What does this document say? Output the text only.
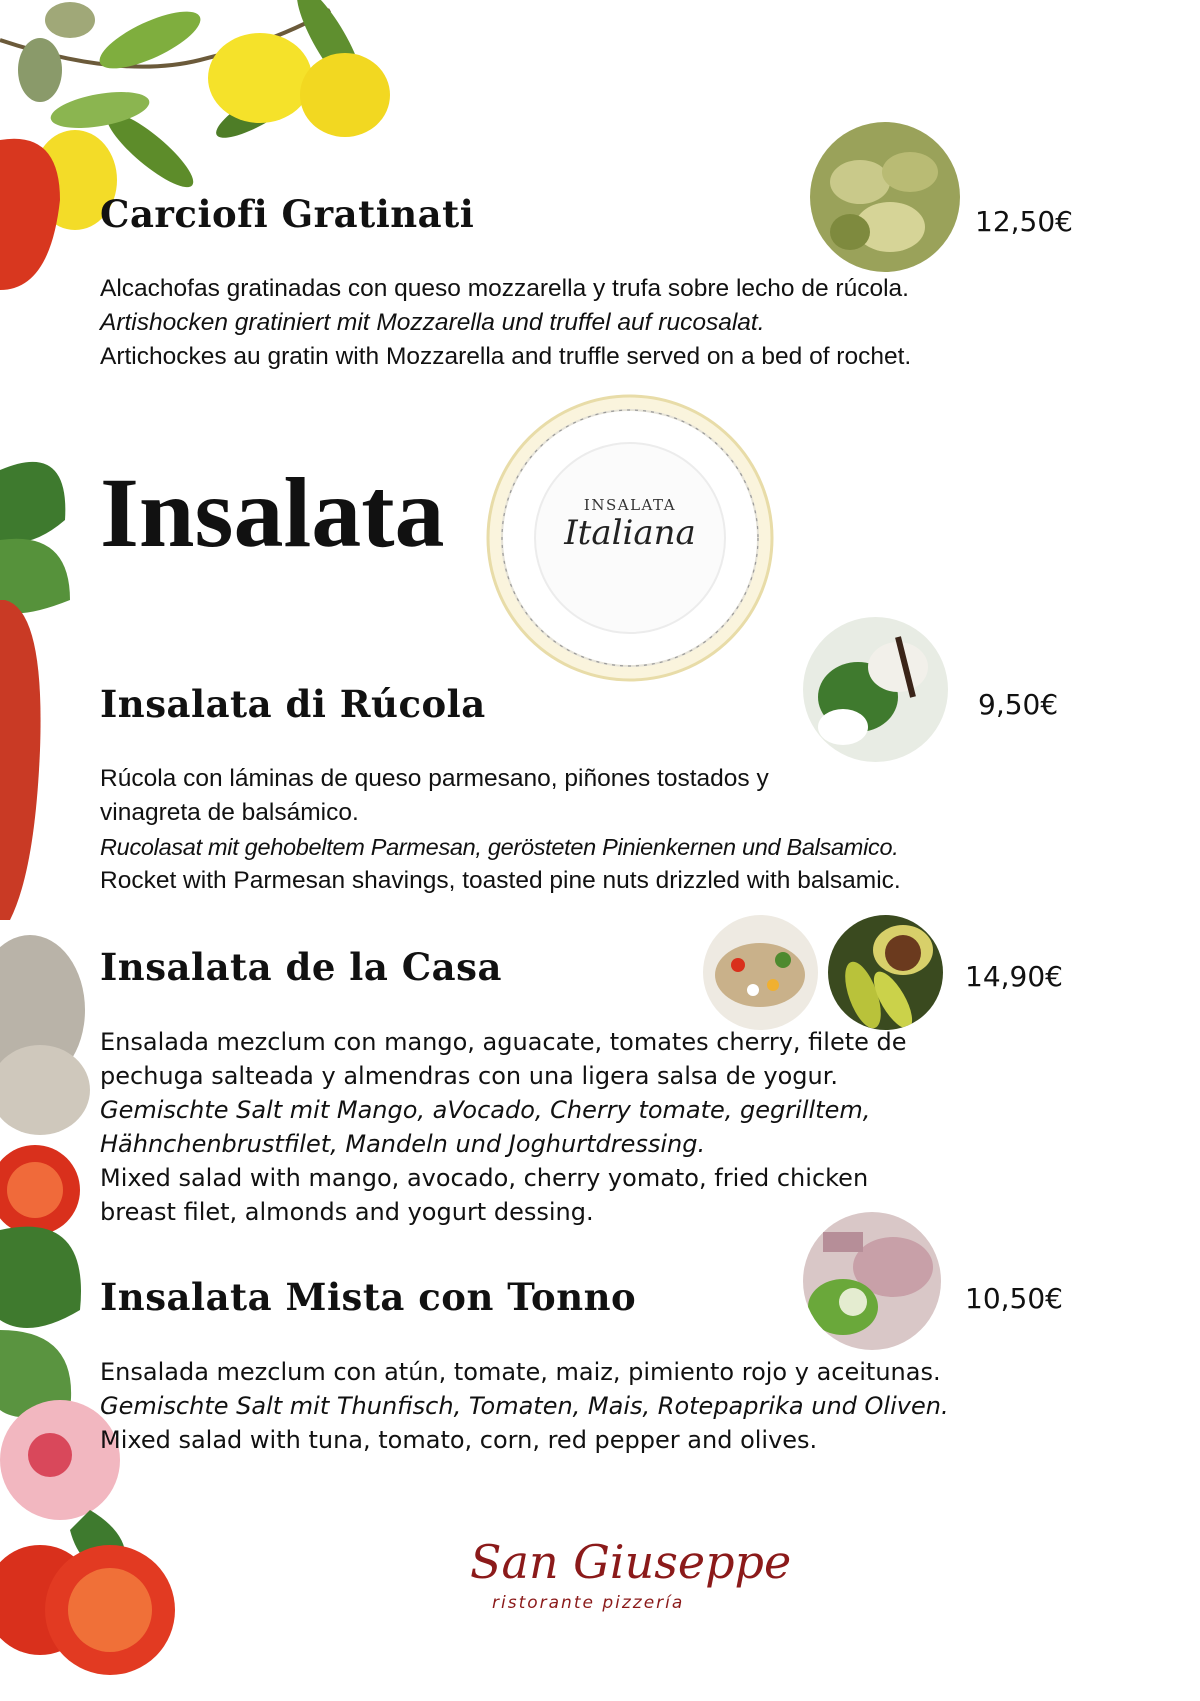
Carciofi Gratinati	12,50€

Alcachofas gratinadas con queso mozzarella y trufa sobre lecho de rúcola.

Artishocken gratiniert mit Mozzarella und truffel auf rucosalat.

Artichockes au gratin with Mozzarella and truffle served on a bed of rochet.

Insalata	INSALATA
Italiana
Insalata di Rúcola	9,50€

Rúcola con láminas de queso parmesano, piñones tostados y vinagreta de balsámico.

Rucolasat mit gehobeltem Parmesan, gerösteten Pinienkernen und Balsamico.

Rocket with Parmesan shavings, toasted pine nuts drizzled with balsamic.

Insalata de la Casa	14,90€

Ensalada mezclum con mango, aguacate, tomates cherry, filete de pechuga salteada y almendras con una ligera salsa de yogur.

Gemischte Salt mit Mango, aVocado, Cherry tomate, gegrilltem, Hähnchenbrustfilet, Mandeln und Joghurtdressing.

Mixed salad with mango, avocado, cherry yomato, fried chicken breast filet, almonds and yogurt dessing.

Insalata Mista con Tonno	10,50€

Ensalada mezclum con atún, tomate, maiz, pimiento rojo y aceitunas.

Gemischte Salt mit Thunfisch, Tomaten, Mais, Rotepaprika und Oliven.

Mixed salad with tuna, tomato, corn, red pepper and olives.

San Giuseppe
ristorante pizzería
